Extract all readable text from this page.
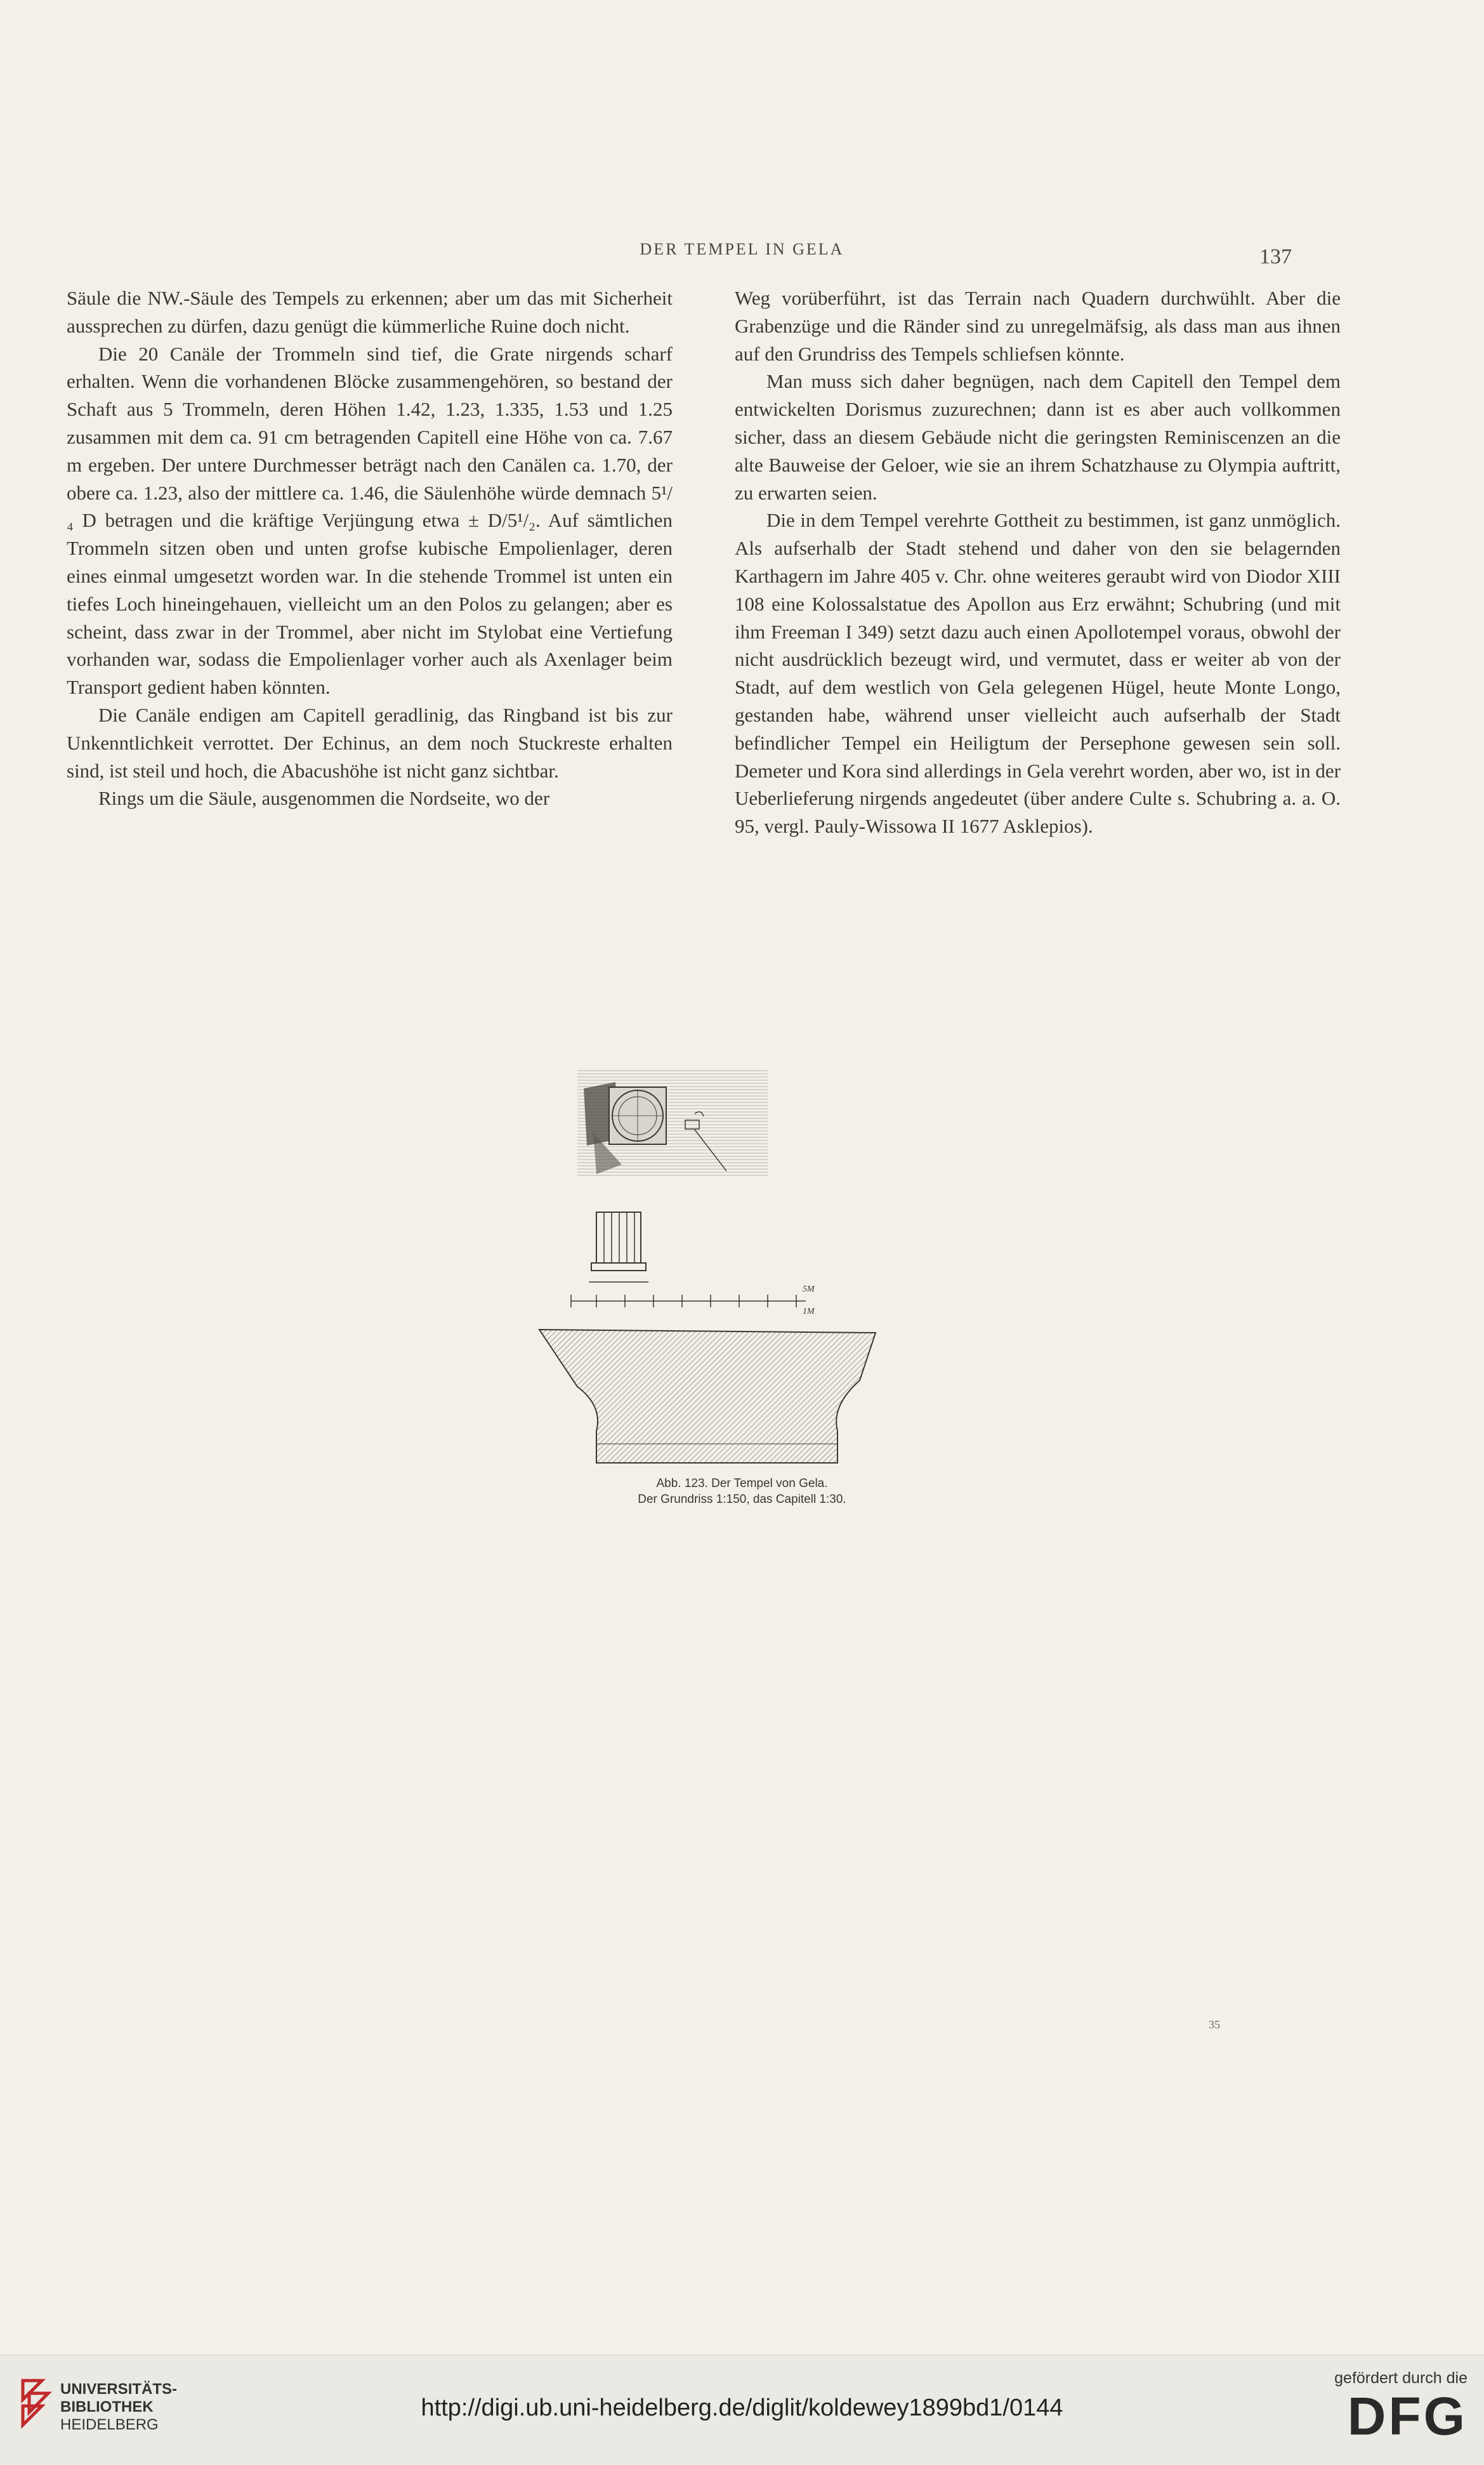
DER TEMPEL IN GELA	137

Säule die NW.-Säule des Tempels zu erkennen; aber um das mit Sicherheit aussprechen zu dürfen, dazu genügt die kümmerliche Ruine doch nicht.

Die 20 Canäle der Trommeln sind tief, die Grate nirgends scharf erhalten. Wenn die vorhandenen Blöcke zusammengehören, so bestand der Schaft aus 5 Trommeln, deren Höhen 1.42, 1.23, 1.335, 1.53 und 1.25 zusammen mit dem ca. 91 cm betragenden Capitell eine Höhe von ca. 7.67 m ergeben. Der untere Durchmesser beträgt nach den Canälen ca. 1.70, der obere ca. 1.23, also der mittlere ca. 1.46, die Säulenhöhe würde demnach 5¹/₄ D betragen und die kräftige Verjüngung etwa ± D/5¹/₂. Auf sämtlichen Trommeln sitzen oben und unten grofse kubische Empolienlager, deren eines einmal umgesetzt worden war. In die stehende Trommel ist unten ein tiefes Loch hineingehauen, vielleicht um an den Polos zu gelangen; aber es scheint, dass zwar in der Trommel, aber nicht im Stylobat eine Vertiefung vorhanden war, sodass die Empolienlager vorher auch als Axenlager beim Transport gedient haben könnten.

Die Canäle endigen am Capitell geradlinig, das Ringband ist bis zur Unkenntlichkeit verrottet. Der Echinus, an dem noch Stuckreste erhalten sind, ist steil und hoch, die Abacushöhe ist nicht ganz sichtbar.

Rings um die Säule, ausgenommen die Nordseite, wo der

Weg vorüberführt, ist das Terrain nach Quadern durchwühlt. Aber die Grabenzüge und die Ränder sind zu unregelmäfsig, als dass man aus ihnen auf den Grundriss des Tempels schliefsen könnte.

Man muss sich daher begnügen, nach dem Capitell den Tempel dem entwickelten Dorismus zuzurechnen; dann ist es aber auch vollkommen sicher, dass an diesem Gebäude nicht die geringsten Reminiscenzen an die alte Bauweise der Geloer, wie sie an ihrem Schatzhause zu Olympia auftritt, zu erwarten seien.

Die in dem Tempel verehrte Gottheit zu bestimmen, ist ganz unmöglich. Als aufserhalb der Stadt stehend und daher von den sie belagernden Karthagern im Jahre 405 v. Chr. ohne weiteres geraubt wird von Diodor XIII 108 eine Kolossalstatue des Apollon aus Erz erwähnt; Schubring (und mit ihm Freeman I 349) setzt dazu auch einen Apollotempel voraus, obwohl der nicht ausdrücklich bezeugt wird, und vermutet, dass er weiter ab von der Stadt, auf dem westlich von Gela gelegenen Hügel, heute Monte Longo, gestanden habe, während unser vielleicht auch aufserhalb der Stadt befindlicher Tempel ein Heiligtum der Persephone gewesen sein soll. Demeter und Kora sind allerdings in Gela verehrt worden, aber wo, ist in der Ueberlieferung nirgends angedeutet (über andere Culte s. Schubring a. a. O. 95, vergl. Pauly-Wissowa II 1677 Asklepios).

5M
1M
Abb. 123. Der Tempel von Gela.
Der Grundriss 1:150, das Capitell 1:30.
35
UNIVERSITÄTS-
BIBLIOTHEK
HEIDELBERG
http://digi.ub.uni-heidelberg.de/diglit/koldewey1899bd1/0144
gefördert durch die
DFG
